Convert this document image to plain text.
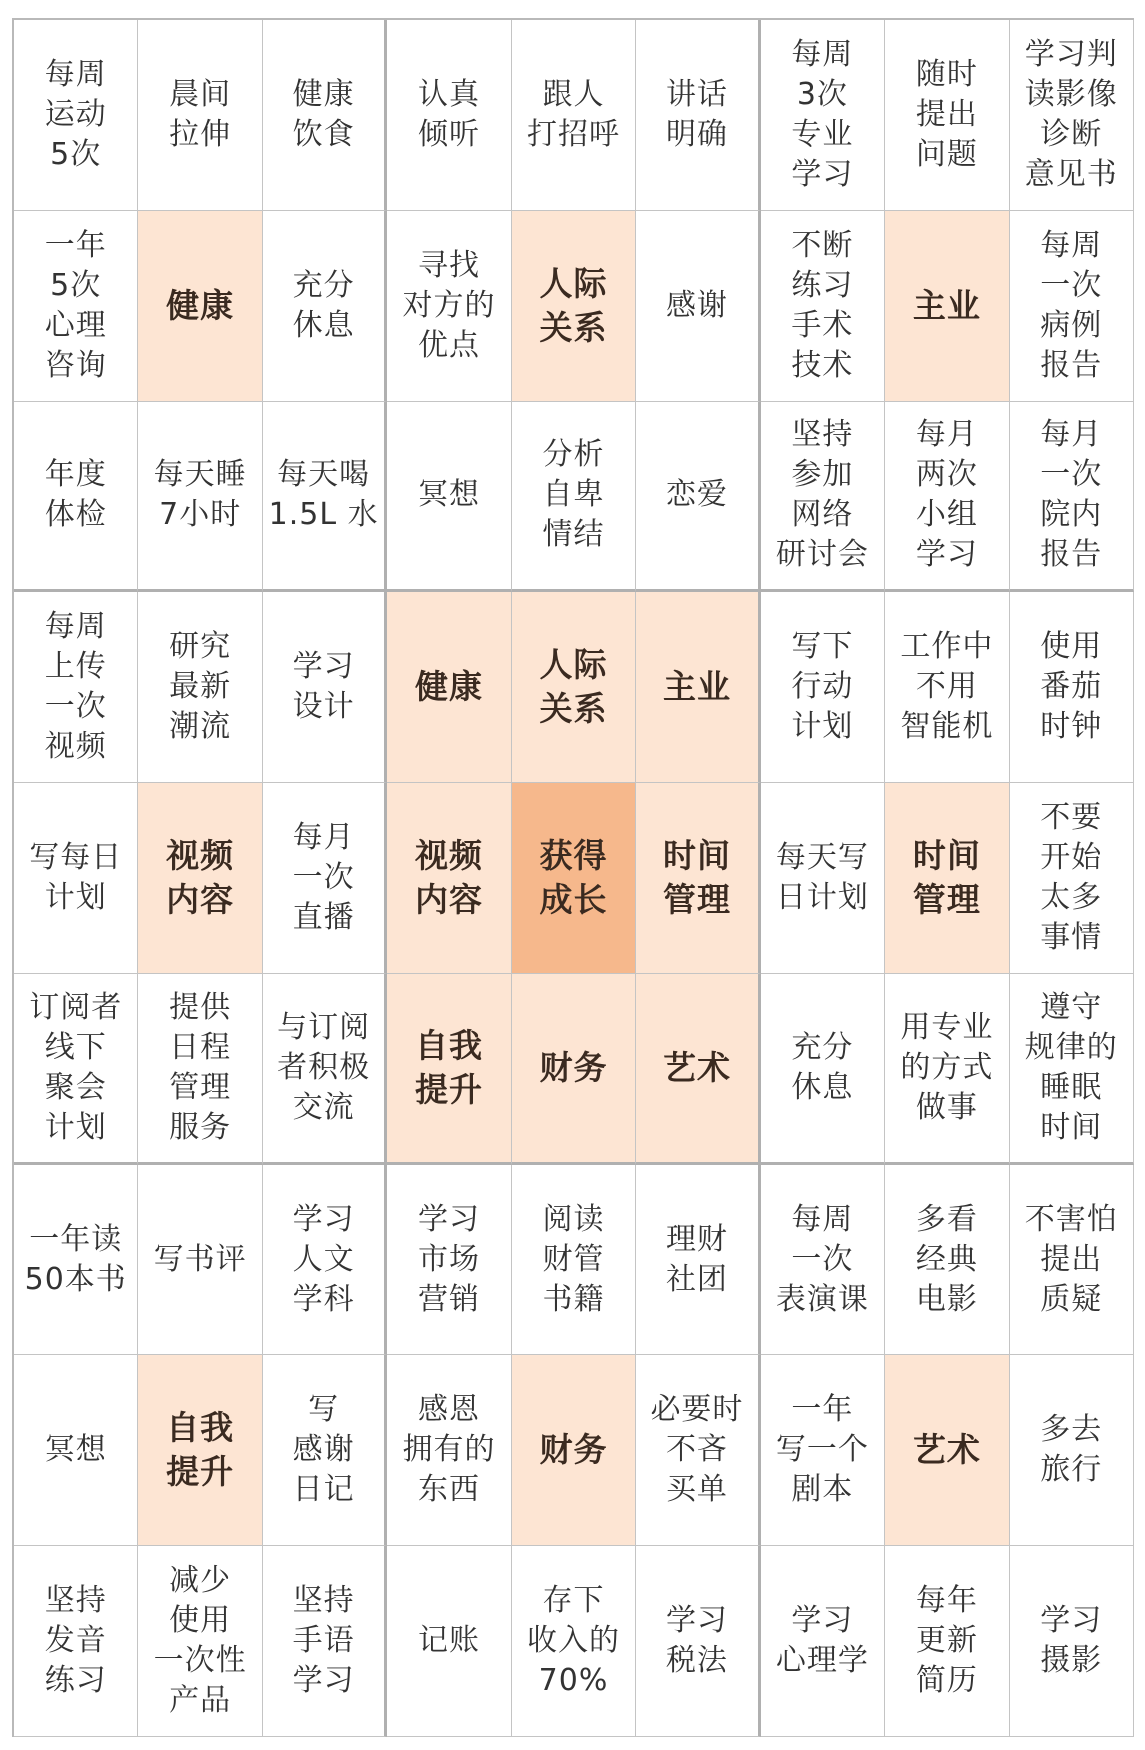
每周
运动
5次
晨间
拉伸
健康
饮食
认真
倾听
跟人
打招呼
讲话
明确
每周
3次
专业
学习
随时
提出
问题
学习判
读影像
诊断
意见书
一年
5次
心理
咨询
健康
充分
休息
寻找
对方的
优点
人际
关系
感谢
不断
练习
手术
技术
主业
每周
一次
病例
报告
年度
体检
每天睡
7小时
每天喝
1.5L 水
冥想
分析
自卑
情结
恋爱
坚持
参加
网络
研讨会
每月
两次
小组
学习
每月
一次
院内
报告
每周
上传
一次
视频
研究
最新
潮流
学习
设计
健康
人际
关系
主业
写下
行动
计划
工作中
不用
智能机
使用
番茄
时钟
写每日
计划
视频
内容
每月
一次
直播
视频
内容
获得
成长
时间
管理
每天写
日计划
时间
管理
不要
开始
太多
事情
订阅者
线下
聚会
计划
提供
日程
管理
服务
与订阅
者积极
交流
自我
提升
财务 艺术
充分
休息
用专业
的方式
做事
遵守
规律的
睡眠
时间
一年读
50本书
写书评
学习
人文
学科
学习
市场
营销
阅读
财管
书籍
理财
社团
每周
一次
表演课
多看
经典
电影
不害怕
提出
质疑
冥想
自我
提升
写
感谢
日记
感恩
拥有的
东西
财务
必要时
不吝
买单
一年
写一个
剧本
艺术
多去
旅行
坚持
发音
练习
减少
使用
一次性
产品
坚持
手语
学习
记账
存下
收入的
70%
学习
税法
学习
心理学
每年
更新
简历
学习
摄影
